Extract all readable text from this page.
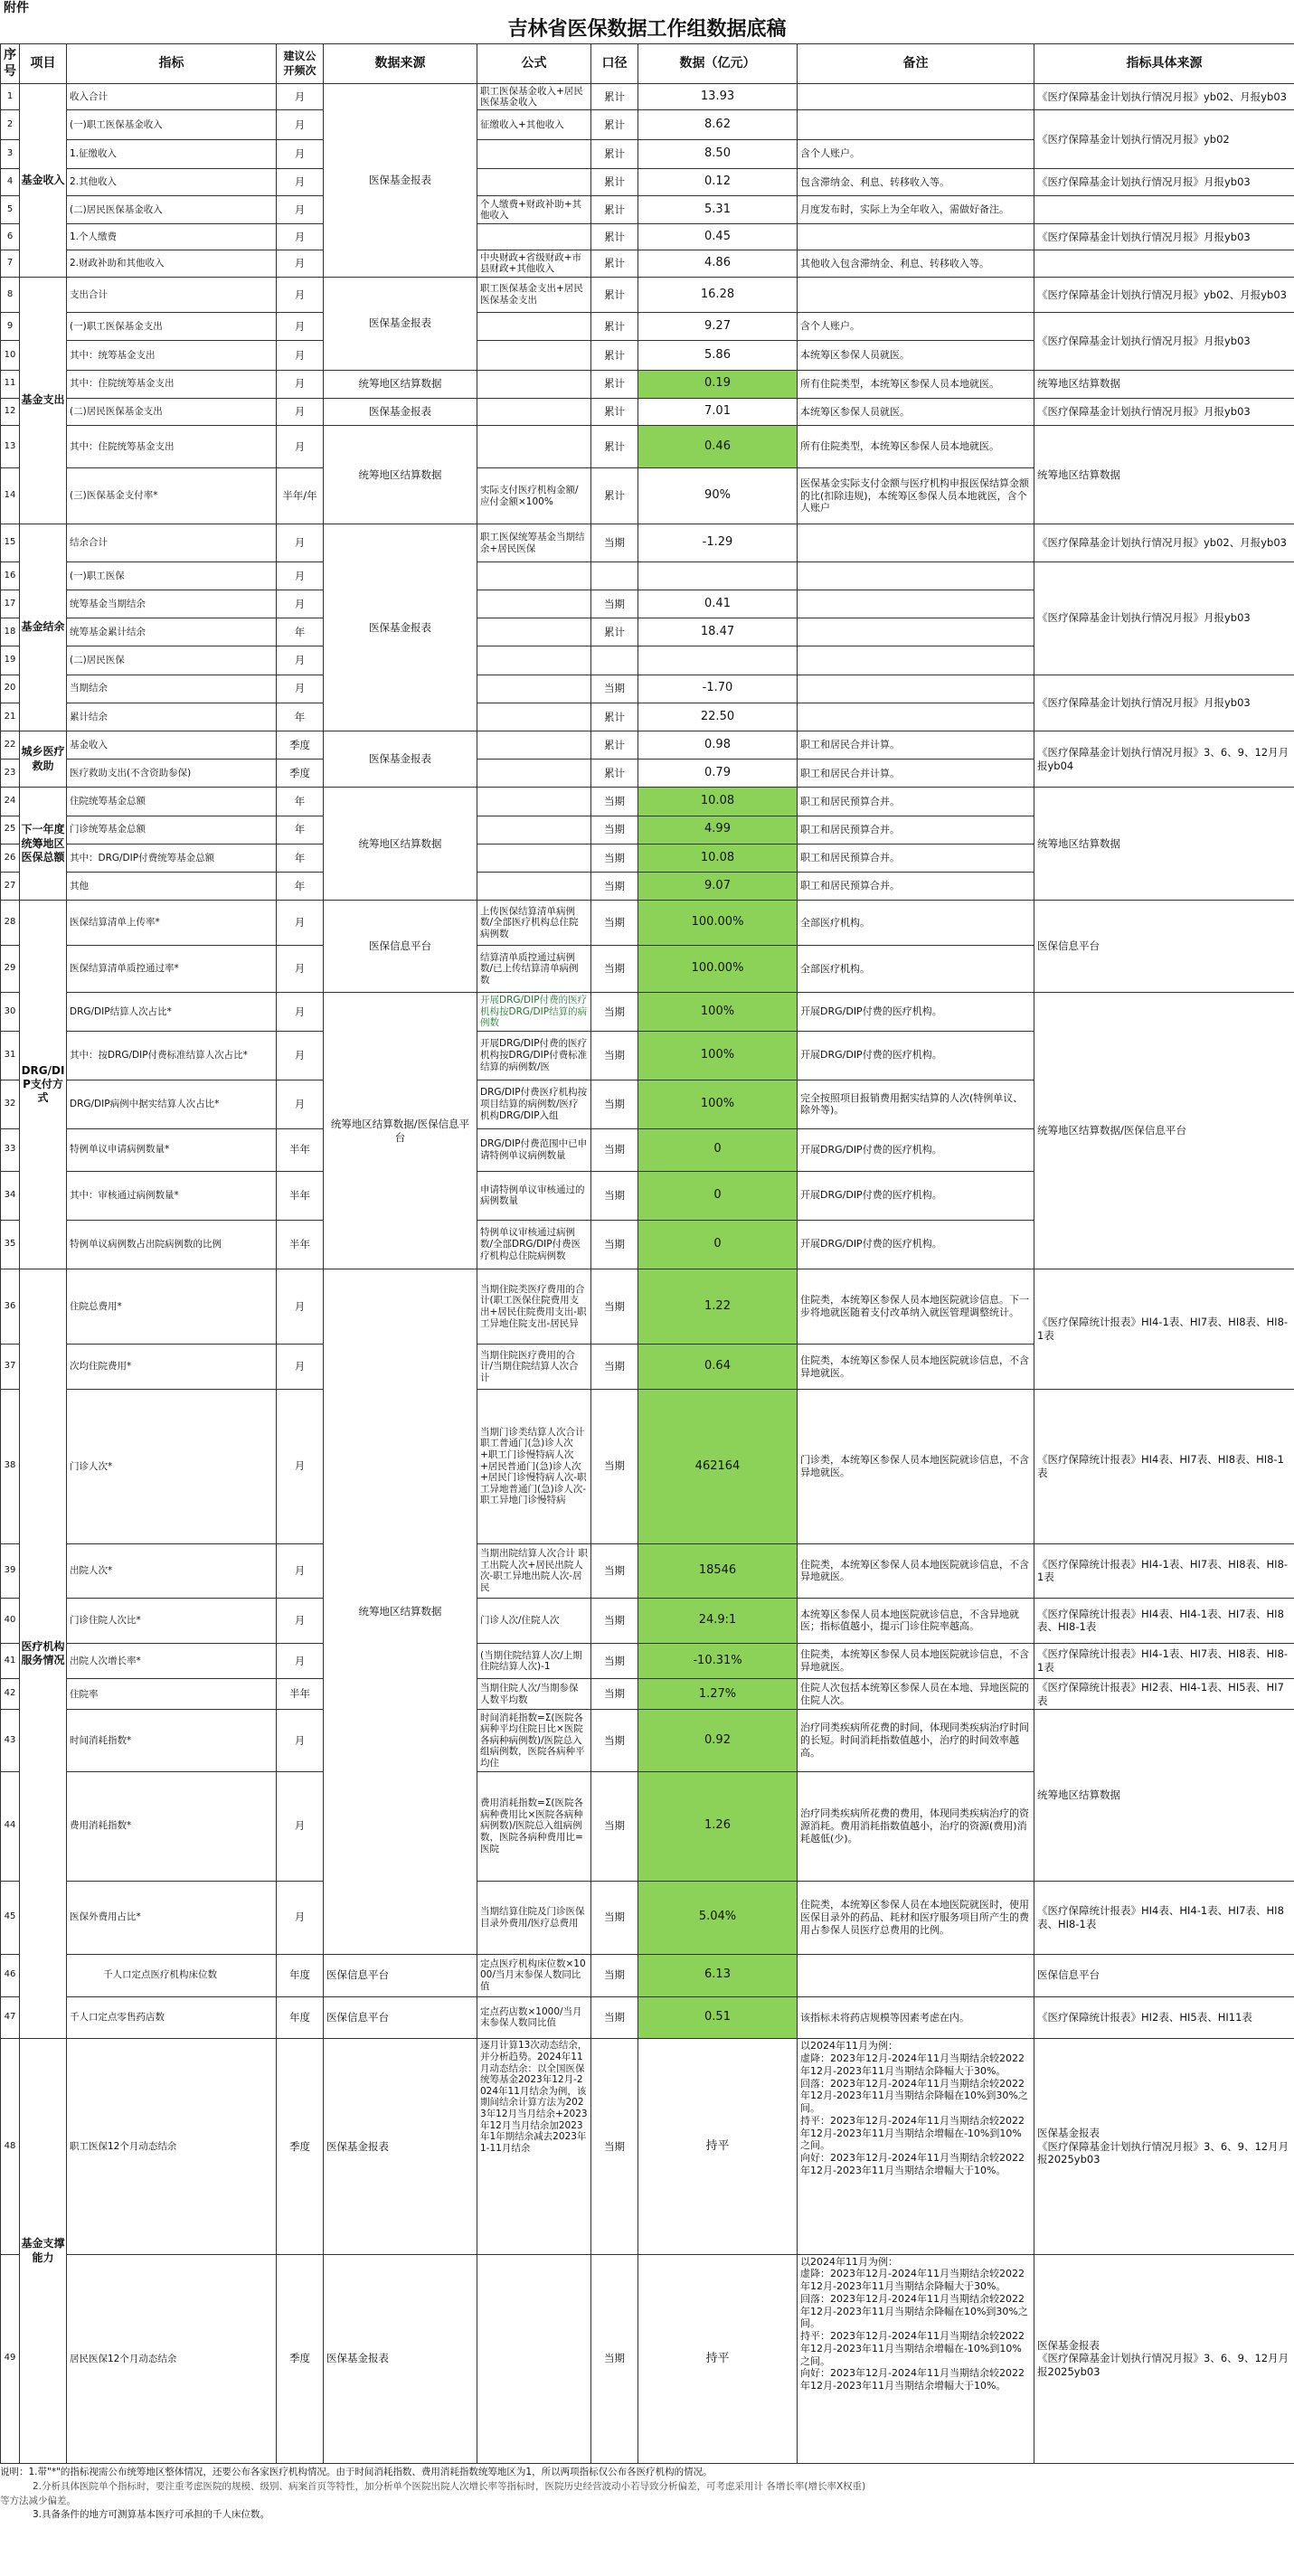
附件
吉林省医保数据工作组数据底稿
序号	项目	指标	建议公开频次	数据来源	公式	口径	数据（亿元）	备注	指标具体来源
1	基金收入	收入合计	月	医保基金报表	职工医保基金收入+居民医保基金收入	累计	13.93		《医疗保障基金计划执行情况月报》yb02、月报yb03
2		(一)职工医保基金收入	月		征缴收入+其他收入	累计	8.62		《医疗保障基金计划执行情况月报》yb02
3		1.征缴收入	月			累计	8.50	含个人账户。	
4		2.其他收入	月			累计	0.12	包含滞纳金、利息、转移收入等。	《医疗保障基金计划执行情况月报》月报yb03
5		(二)居民医保基金收入	月		个人缴费+财政补助+其他收入	累计	5.31	月度发布时，实际上为全年收入，需做好备注。	
6		1.个人缴费	月			累计	0.45		《医疗保障基金计划执行情况月报》月报yb03
7		2.财政补助和其他收入	月		中央财政+省级财政+市县财政+其他收入	累计	4.86	其他收入包含滞纳金、利息、转移收入等。	
8	基金支出	支出合计	月	医保基金报表	职工医保基金支出+居民医保基金支出	累计	16.28		《医疗保障基金计划执行情况月报》yb02、月报yb03
9		(一)职工医保基金支出	月			累计	9.27	含个人账户。	《医疗保障基金计划执行情况月报》月报yb03
10		其中：统筹基金支出	月			累计	5.86	本统筹区参保人员就医。	
11		其中：住院统筹基金支出	月	统筹地区结算数据		累计	0.19	所有住院类型，本统筹区参保人员本地就医。	统筹地区结算数据
12		(二)居民医保基金支出	月	医保基金报表		累计	7.01	本统筹区参保人员就医。	《医疗保障基金计划执行情况月报》月报yb03
13		其中：住院统筹基金支出	月	统筹地区结算数据		累计	0.46	所有住院类型，本统筹区参保人员本地就医。	统筹地区结算数据
14		(三)医保基金支付率*	半年/年		实际支付医疗机构金额/应付金额×100%	累计	90%	医保基金实际支付金额与医疗机构申报医保结算金额的比(扣除违规)，本统筹区参保人员本地就医，含个人账户	
15	基金结余	结余合计	月	医保基金报表	职工医保统筹基金当期结余+居民医保	当期	-1.29		《医疗保障基金计划执行情况月报》yb02、月报yb03
16		(一)职工医保	月						《医疗保障基金计划执行情况月报》月报yb03
17		统筹基金当期结余	月			当期	0.41		
18		统筹基金累计结余	年			累计	18.47		
19		(二)居民医保	月						
20		当期结余	月			当期	-1.70		《医疗保障基金计划执行情况月报》月报yb03
21		累计结余	年			累计	22.50		
22	城乡医疗救助	基金收入	季度	医保基金报表		累计	0.98	职工和居民合并计算。	《医疗保障基金计划执行情况月报》3、6、9、12月月报yb04
23		医疗救助支出(不含资助参保)	季度			累计	0.79	职工和居民合并计算。	
24	下一年度统筹地区医保总额	住院统筹基金总额	年	统筹地区结算数据		当期	10.08	职工和居民预算合并。	统筹地区结算数据
25		门诊统筹基金总额	年			当期	4.99	职工和居民预算合并。	
26		其中：DRG/DIP付费统筹基金总额	年			当期	10.08	职工和居民预算合并。	
27		其他	年			当期	9.07	职工和居民预算合并。	
28	DRG/DIP支付方式	医保结算清单上传率*	月	医保信息平台	上传医保结算清单病例数/全部医疗机构总住院病例数	当期	100.00%	全部医疗机构。	医保信息平台
29		医保结算清单质控通过率*	月		结算清单质控通过病例数/已上传结算清单病例数	当期	100.00%	全部医疗机构。	
30		DRG/DIP结算人次占比*	月	统筹地区结算数据/医保信息平台	开展DRG/DIP付费的医疗机构按DRG/DIP结算的病例数	当期	100%	开展DRG/DIP付费的医疗机构。	统筹地区结算数据/医保信息平台
31		其中：按DRG/DIP付费标准结算人次占比*	月		开展DRG/DIP付费的医疗机构按DRG/DIP付费标准结算的病例数/医	当期	100%	开展DRG/DIP付费的医疗机构。	
32		DRG/DIP病例中据实结算人次占比*	月		DRG/DIP付费医疗机构按项目结算的病例数/医疗机构DRG/DIP入组	当期	100%	完全按照项目报销费用据实结算的人次(特例单议、除外等)。	
33		特例单议申请病例数量*	半年		DRG/DIP付费范围中已申请特例单议病例数量	当期	0	开展DRG/DIP付费的医疗机构。	
34		其中：审核通过病例数量*	半年		申请特例单议审核通过的病例数量	当期	0	开展DRG/DIP付费的医疗机构。	
35		特例单议病例数占出院病例数的比例	半年		特例单议审核通过病例数/全部DRG/DIP付费医疗机构总住院病例数	当期	0	开展DRG/DIP付费的医疗机构。	
36	医疗机构服务情况	住院总费用*	月	统筹地区结算数据	当期住院类医疗费用的合计(职工医保住院费用支出+居民住院费用支出-职工异地住院支出-居民异	当期	1.22	住院类，本统筹区参保人员本地医院就诊信息。下一步将地就医随着支付改革纳入就医管理调整统计。	《医疗保障统计报表》HI4-1表、HI7表、HI8表、HI8-1表
37		次均住院费用*	月		当期住院医疗费用的合计/当期住院结算人次合计	当期	0.64	住院类，本统筹区参保人员本地医院就诊信息，不含异地就医。	
38		门诊人次*	月		当期门诊类结算人次合计 职工普通门(急)诊人次+职工门诊慢特病人次+居民普通门(急)诊人次+居民门诊慢特病人次-职工异地普通门(急)诊人次-职工异地门诊慢特病	当期	462164	门诊类，本统筹区参保人员本地医院就诊信息，不含异地就医。	《医疗保障统计报表》HI4表、HI7表、HI8表、HI8-1表
39		出院人次*	月		当期出院结算人次合计 职工出院人次+居民出院人次-职工异地出院人次-居民	当期	18546	住院类，本统筹区参保人员本地医院就诊信息，不含异地就医。	《医疗保障统计报表》HI4-1表、HI7表、HI8表、HI8-1表
40		门诊住院人次比*	月		门诊人次/住院人次	当期	24.9:1	本统筹区参保人员本地医院就诊信息，不含异地就医；指标值越小，提示门诊住院率越高。	《医疗保障统计报表》HI4表、HI4-1表、HI7表、HI8表、HI8-1表
41		出院人次增长率*	月		(当期住院结算人次/上期住院结算人次)-1	当期	-10.31%	住院类，本统筹区参保人员本地医院就诊信息，不含异地就医。	《医疗保障统计报表》HI4-1表、HI7表、HI8表、HI8-1表
42		住院率	半年		当期住院人次/当期参保人数平均数	当期	1.27%	住院人次包括本统筹区参保人员在本地、异地医院的住院人次。	《医疗保障统计报表》HI2表、HI4-1表、HI5表、HI7表
43		时间消耗指数*	月		时间消耗指数=Σ(医院各病种平均住院日比×医院各病种病例数)/医院总入组病例数，医院各病种平均住	当期	0.92	治疗同类疾病所花费的时间，体现同类疾病治疗时间的长短。时间消耗指数值越小，治疗的时间效率越高。	统筹地区结算数据
44		费用消耗指数*	月		费用消耗指数=Σ(医院各病种费用比×医院各病种病例数)/医院总入组病例数，医院各病种费用比=医院	当期	1.26	治疗同类疾病所花费的费用，体现同类疾病治疗的资源消耗。费用消耗指数值越小，治疗的资源(费用)消耗越低(少)。	
45		医保外费用占比*	月		当期结算住院及门诊医保目录外费用/医疗总费用	当期	5.04%	住院类，本统筹区参保人员在本地医院就医时，使用医保目录外的药品、耗材和医疗服务项目所产生的费用占参保人员医疗总费用的比例。	《医疗保障统计报表》HI4表、HI4-1表、HI7表、HI8表、HI8-1表
46		千人口定点医疗机构床位数	年度	医保信息平台	定点医疗机构床位数×1000/当月末参保人数同比值	当期	6.13		医保信息平台
47		千人口定点零售药店数	年度	医保信息平台	定点药店数×1000/当月末参保人数同比值	当期	0.51	该指标未将药店规模等因素考虑在内。	《医疗保障统计报表》HI2表、HI5表、HI11表
48	基金支撑能力	职工医保12个月动态结余	季度	医保基金报表	逐月计算13次动态结余，并分析趋势。2024年11月动态结余：以全国医保统筹基金2023年12月-2024年11月结余为例，该期间结余计算方法为2023年12月当月结余+2023年12月当月结余加2023年1年期结余减去2023年1-11月结余	当期	持平	以2024年11月为例：
虚降：2023年12月-2024年11月当期结余较2022年12月-2023年11月当期结余降幅大于30%。
回落：2023年12月-2024年11月当期结余较2022年12月-2023年11月当期结余降幅在10%到30%之间。
持平：2023年12月-2024年11月当期结余较2022年12月-2023年11月当期结余增幅在-10%到10%之间。
向好：2023年12月-2024年11月当期结余较2022年12月-2023年11月当期结余增幅大于10%。	医保基金报表
《医疗保障基金计划执行情况月报》3、6、9、12月月报2025yb03
49		居民医保12个月动态结余	季度	医保基金报表		当期	持平	以2024年11月为例：
虚降：2023年12月-2024年11月当期结余较2022年12月-2023年11月当期结余降幅大于30%。
回落：2023年12月-2024年11月当期结余较2022年12月-2023年11月当期结余降幅在10%到30%之间。
持平：2023年12月-2024年11月当期结余较2022年12月-2023年11月当期结余增幅在-10%到10%之间。
向好：2023年12月-2024年11月当期结余较2022年12月-2023年11月当期结余增幅大于10%。	医保基金报表
《医疗保障基金计划执行情况月报》3、6、9、12月月报2025yb03
说明：1.带"*"的指标视需公布统筹地区整体情况，还要公布各家医疗机构情况。由于时间消耗指数、费用消耗指数统筹地区为1，所以两项指标仅公布各医疗机构的情况。
2.分析具体医院单个指标时，要注重考虑医院的规模、级别、病案首页等特性，加分析单个医院出院人次增长率等指标时，医院历史经营波动小若导致分析偏差，可考虑采用计 各增长率(增长率X权重)
等方法减少偏差。
3.具备条件的地方可测算基本医疗可承担的千人床位数。
